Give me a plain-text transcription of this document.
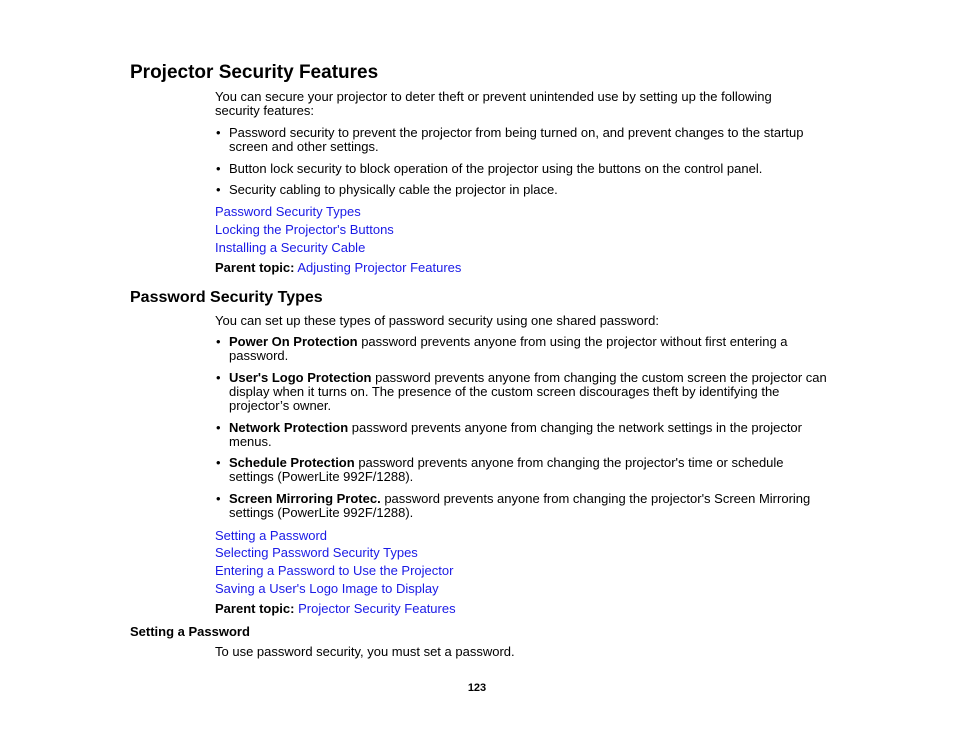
Projector Security Features
You can secure your projector to deter theft or prevent unintended use by setting up the following security features:
• Password security to prevent the projector from being turned on, and prevent changes to the startup screen and other settings.
• Button lock security to block operation of the projector using the buttons on the control panel.
• Security cabling to physically cable the projector in place.
Password Security Types
Locking the Projector's Buttons
Installing a Security Cable
Parent topic: Adjusting Projector Features
Password Security Types
You can set up these types of password security using one shared password:
• Power On Protection password prevents anyone from using the projector without first entering a password.
• User's Logo Protection password prevents anyone from changing the custom screen the projector can display when it turns on. The presence of the custom screen discourages theft by identifying the projector’s owner.
• Network Protection password prevents anyone from changing the network settings in the projector menus.
• Schedule Protection password prevents anyone from changing the projector's time or schedule settings (PowerLite 992F/1288).
• Screen Mirroring Protec. password prevents anyone from changing the projector's Screen Mirroring settings (PowerLite 992F/1288).
Setting a Password
Selecting Password Security Types
Entering a Password to Use the Projector
Saving a User's Logo Image to Display
Parent topic: Projector Security Features
Setting a Password
To use password security, you must set a password.
123
